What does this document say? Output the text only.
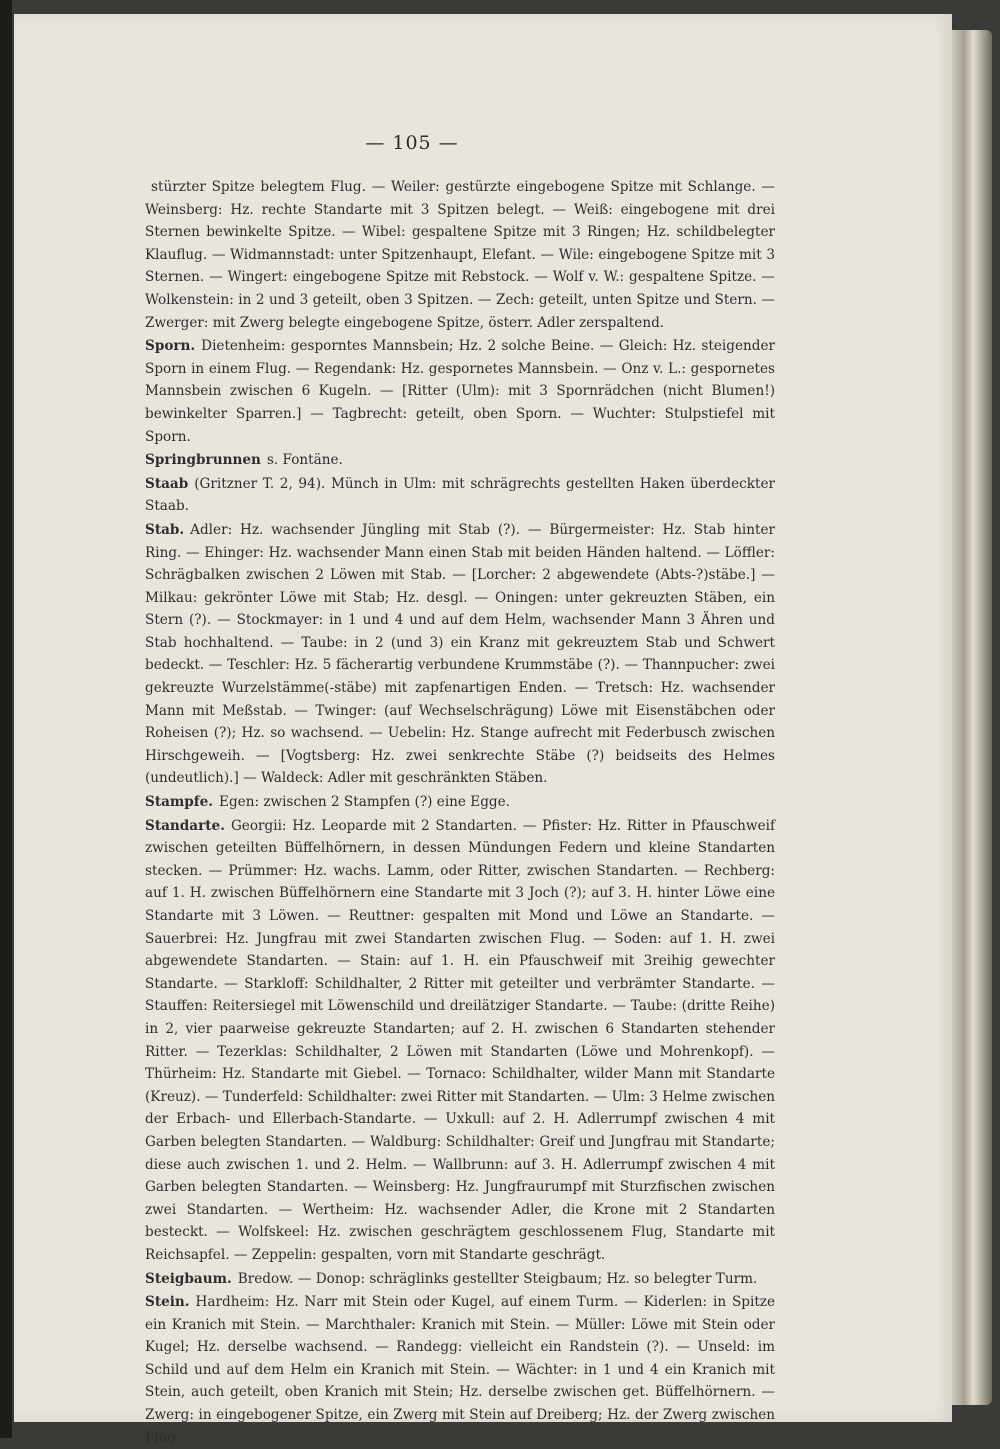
— 105 —

stürzter Spitze belegtem Flug. — Weiler: gestürzte eingebogene Spitze mit Schlange. — Weinsberg: Hz. rechte Standarte mit 3 Spitzen belegt. — Weiß: eingebogene mit drei Sternen bewinkelte Spitze. — Wibel: gespaltene Spitze mit 3 Ringen; Hz. schildbelegter Klauflug. — Widmannstadt: unter Spitzenhaupt, Elefant. — Wile: eingebogene Spitze mit 3 Sternen. — Wingert: eingebogene Spitze mit Rebstock. — Wolf v. W.: gespaltene Spitze. — Wolkenstein: in 2 und 3 geteilt, oben 3 Spitzen. — Zech: geteilt, unten Spitze und Stern. — Zwerger: mit Zwerg belegte eingebogene Spitze, österr. Adler zerspaltend.

Sporn. Dietenheim: gesporntes Mannsbein; Hz. 2 solche Beine. — Gleich: Hz. steigender Sporn in einem Flug. — Regendank: Hz. gespornetes Mannsbein. — Onz v. L.: gespornetes Mannsbein zwischen 6 Kugeln. — [Ritter (Ulm): mit 3 Spornrädchen (nicht Blumen!) bewinkelter Sparren.] — Tagbrecht: geteilt, oben Sporn. — Wuchter: Stulpstiefel mit Sporn.

Springbrunnen s. Fontäne.

Staab (Gritzner T. 2, 94). Münch in Ulm: mit schrägrechts gestellten Haken überdeckter Staab.

Stab. Adler: Hz. wachsender Jüngling mit Stab (?). — Bürgermeister: Hz. Stab hinter Ring. — Ehinger: Hz. wachsender Mann einen Stab mit beiden Händen haltend. — Löffler: Schrägbalken zwischen 2 Löwen mit Stab. — [Lorcher: 2 abgewendete (Abts-?)stäbe.] — Milkau: gekrönter Löwe mit Stab; Hz. desgl. — Oningen: unter gekreuzten Stäben, ein Stern (?). — Stockmayer: in 1 und 4 und auf dem Helm, wachsender Mann 3 Ähren und Stab hochhaltend. — Taube: in 2 (und 3) ein Kranz mit gekreuztem Stab und Schwert bedeckt. — Teschler: Hz. 5 fächerartig verbundene Krummstäbe (?). — Thannpucher: zwei gekreuzte Wurzelstämme(-stäbe) mit zapfenartigen Enden. — Tretsch: Hz. wachsender Mann mit Meßstab. — Twinger: (auf Wechselschrägung) Löwe mit Eisenstäbchen oder Roheisen (?); Hz. so wachsend. — Uebelin: Hz. Stange aufrecht mit Federbusch zwischen Hirschgeweih. — [Vogtsberg: Hz. zwei senkrechte Stäbe (?) beidseits des Helmes (undeutlich).] — Waldeck: Adler mit geschränkten Stäben.

Stampfe. Egen: zwischen 2 Stampfen (?) eine Egge.

Standarte. Georgii: Hz. Leoparde mit 2 Standarten. — Pfister: Hz. Ritter in Pfauschweif zwischen geteilten Büffelhörnern, in dessen Mündungen Federn und kleine Standarten stecken. — Prümmer: Hz. wachs. Lamm, oder Ritter, zwischen Standarten. — Rechberg: auf 1. H. zwischen Büffelhörnern eine Standarte mit 3 Joch (?); auf 3. H. hinter Löwe eine Standarte mit 3 Löwen. — Reuttner: gespalten mit Mond und Löwe an Standarte. — Sauerbrei: Hz. Jungfrau mit zwei Standarten zwischen Flug. — Soden: auf 1. H. zwei abgewendete Standarten. — Stain: auf 1. H. ein Pfauschweif mit 3reihig gewechter Standarte. — Starkloff: Schildhalter, 2 Ritter mit geteilter und verbrämter Standarte. — Stauffen: Reitersiegel mit Löwenschild und dreilätziger Standarte. — Taube: (dritte Reihe) in 2, vier paarweise gekreuzte Standarten; auf 2. H. zwischen 6 Standarten stehender Ritter. — Tezerklas: Schildhalter, 2 Löwen mit Standarten (Löwe und Mohrenkopf). — Thürheim: Hz. Standarte mit Giebel. — Tornaco: Schildhalter, wilder Mann mit Standarte (Kreuz). — Tunderfeld: Schildhalter: zwei Ritter mit Standarten. — Ulm: 3 Helme zwischen der Erbach- und Ellerbach-Standarte. — Uxkull: auf 2. H. Adlerrumpf zwischen 4 mit Garben belegten Standarten. — Waldburg: Schildhalter: Greif und Jungfrau mit Standarte; diese auch zwischen 1. und 2. Helm. — Wallbrunn: auf 3. H. Adlerrumpf zwischen 4 mit Garben belegten Standarten. — Weinsberg: Hz. Jungfraurumpf mit Sturzfischen zwischen zwei Standarten. — Wertheim: Hz. wachsender Adler, die Krone mit 2 Standarten besteckt. — Wolfskeel: Hz. zwischen geschrägtem geschlossenem Flug, Standarte mit Reichsapfel. — Zeppelin: gespalten, vorn mit Standarte geschrägt.

Steigbaum. Bredow. — Donop: schräglinks gestellter Steigbaum; Hz. so belegter Turm.

Stein. Hardheim: Hz. Narr mit Stein oder Kugel, auf einem Turm. — Kiderlen: in Spitze ein Kranich mit Stein. — Marchthaler: Kranich mit Stein. — Müller: Löwe mit Stein oder Kugel; Hz. derselbe wachsend. — Randegg: vielleicht ein Randstein (?). — Unseld: im Schild und auf dem Helm ein Kranich mit Stein. — Wächter: in 1 und 4 ein Kranich mit Stein, auch geteilt, oben Kranich mit Stein; Hz. derselbe zwischen get. Büffelhörnern. — Zwerg: in eingebogener Spitze, ein Zwerg mit Stein auf Dreiberg; Hz. der Zwerg zwischen Flug.
